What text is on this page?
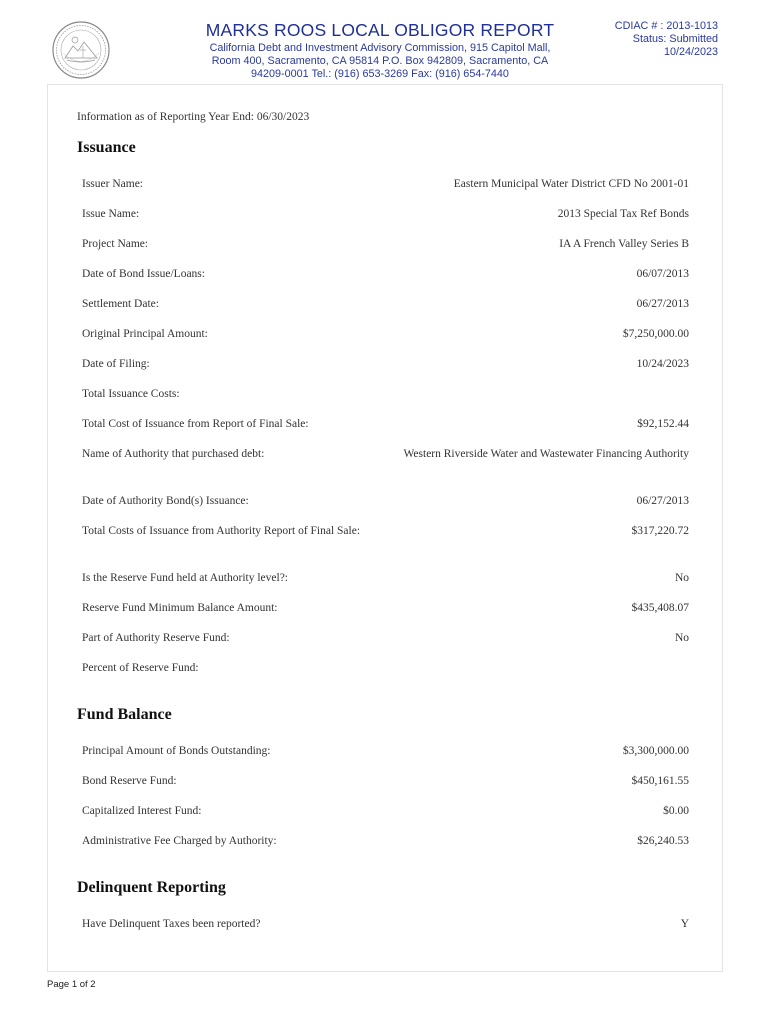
MARKS ROOS LOCAL OBLIGOR REPORT
California Debt and Investment Advisory Commission, 915 Capitol Mall,
Room 400, Sacramento, CA 95814 P.O. Box 942809, Sacramento, CA
94209-0001 Tel.: (916) 653-3269 Fax: (916) 654-7440
CDIAC # : 2013-1013
Status: Submitted
10/24/2023
Information as of Reporting Year End: 06/30/2023
Issuance
Issuer Name:	Eastern Municipal Water District CFD No 2001-01
Issue Name:	2013 Special Tax Ref Bonds
Project Name:	IA A French Valley Series B
Date of Bond Issue/Loans:	06/07/2013
Settlement Date:	06/27/2013
Original Principal Amount:	$7,250,000.00
Date of Filing:	10/24/2023
Total Issuance Costs:
Total Cost of Issuance from Report of Final Sale:	$92,152.44
Name of Authority that purchased debt:	Western Riverside Water and Wastewater Financing Authority
Date of Authority Bond(s) Issuance:	06/27/2013
Total Costs of Issuance from Authority Report of Final Sale:	$317,220.72
Is the Reserve Fund held at Authority level?:	No
Reserve Fund Minimum Balance Amount:	$435,408.07
Part of Authority Reserve Fund:	No
Percent of Reserve Fund:
Fund Balance
Principal Amount of Bonds Outstanding:	$3,300,000.00
Bond Reserve Fund:	$450,161.55
Capitalized Interest Fund:	$0.00
Administrative Fee Charged by Authority:	$26,240.53
Delinquent Reporting
Have Delinquent Taxes been reported?	Y
Page 1 of 2
